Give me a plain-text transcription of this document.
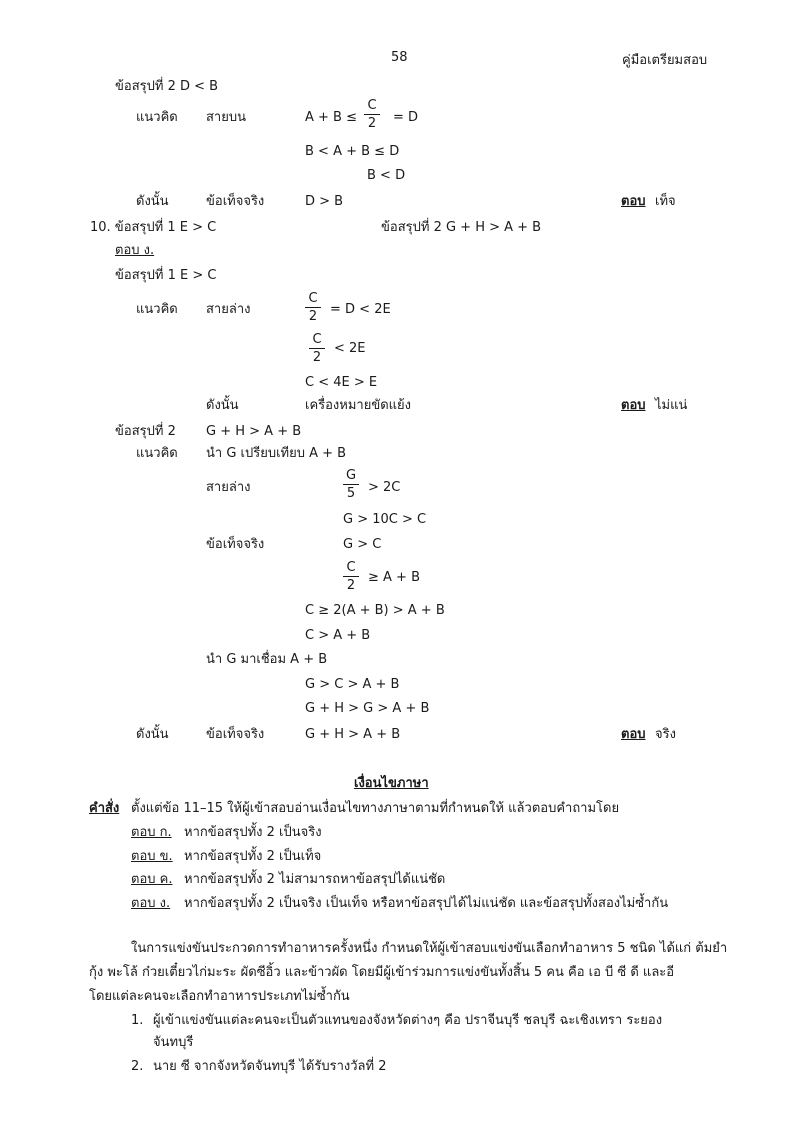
58	คู่มือเตรียมสอบ
ข้อสรุปที่ 2 D < B
แนวคิด สายบน	$A + B \le \frac{C}{2} = D$
B < A + B ≤ D
B < D
ดังนั้น	ข้อเท็จจริง	D > B	ตอบ เท็จ
10. ข้อสรุปที่ 1 E > C	ข้อสรุปที่ 2 G + H > A + B
ตอบ ง.
ข้อสรุปที่ 1 E > C
แนวคิด สายล่าง	$\frac{C}{2} = D < 2E$
$\frac{C}{2} < 2E$
C < 4E > E
ดังนั้น	เครื่องหมายขัดแย้ง	ตอบ ไม่แน่
ข้อสรุปที่ 2 G + H > A + B
แนวคิด นำ G เปรียบเทียบ A + B
สายล่าง	$\frac{G}{5} > 2C$
G > 10C > C
ข้อเท็จจริง	G > C
$\frac{C}{2} \ge A + B$
C ≥ 2(A + B) > A + B
C > A + B
นำ G มาเชื่อม A + B
G > C > A + B
G + H > G > A + B
ดังนั้น	ข้อเท็จจริง	G + H > A + B	ตอบ จริง
เงื่อนไขภาษา
คำสั่ง ตั้งแต่ข้อ 11–15 ให้ผู้เข้าสอบอ่านเงื่อนไขทางภาษาตามที่กำหนดให้ แล้วตอบคำถามโดย
ตอบ ก. หากข้อสรุปทั้ง 2 เป็นจริง
ตอบ ข. หากข้อสรุปทั้ง 2 เป็นเท็จ
ตอบ ค. หากข้อสรุปทั้ง 2 ไม่สามารถหาข้อสรุปได้แน่ชัด
ตอบ ง. หากข้อสรุปทั้ง 2 เป็นจริง เป็นเท็จ หรือหาข้อสรุปได้ไม่แน่ชัด และข้อสรุปทั้งสองไม่ซ้ำกัน
ในการแข่งขันประกวดการทำอาหารครั้งหนึ่ง กำหนดให้ผู้เข้าสอบแข่งขันเลือกทำอาหาร 5 ชนิด ได้แก่ ต้มยำ
กุ้ง พะโล้ ก๋วยเตี๋ยวไก่มะระ ผัดซีอิ้ว และข้าวผัด โดยมีผู้เข้าร่วมการแข่งขันทั้งสิ้น 5 คน คือ เอ บี ซี ดี และอี
โดยแต่ละคนจะเลือกทำอาหารประเภทไม่ซ้ำกัน
1. ผู้เข้าแข่งขันแต่ละคนจะเป็นตัวแทนของจังหวัดต่างๆ คือ ปราจีนบุรี ชลบุรี ฉะเชิงเทรา ระยอง
จันทบุรี
2. นาย ซี จากจังหวัดจันทบุรี ได้รับรางวัลที่ 2
